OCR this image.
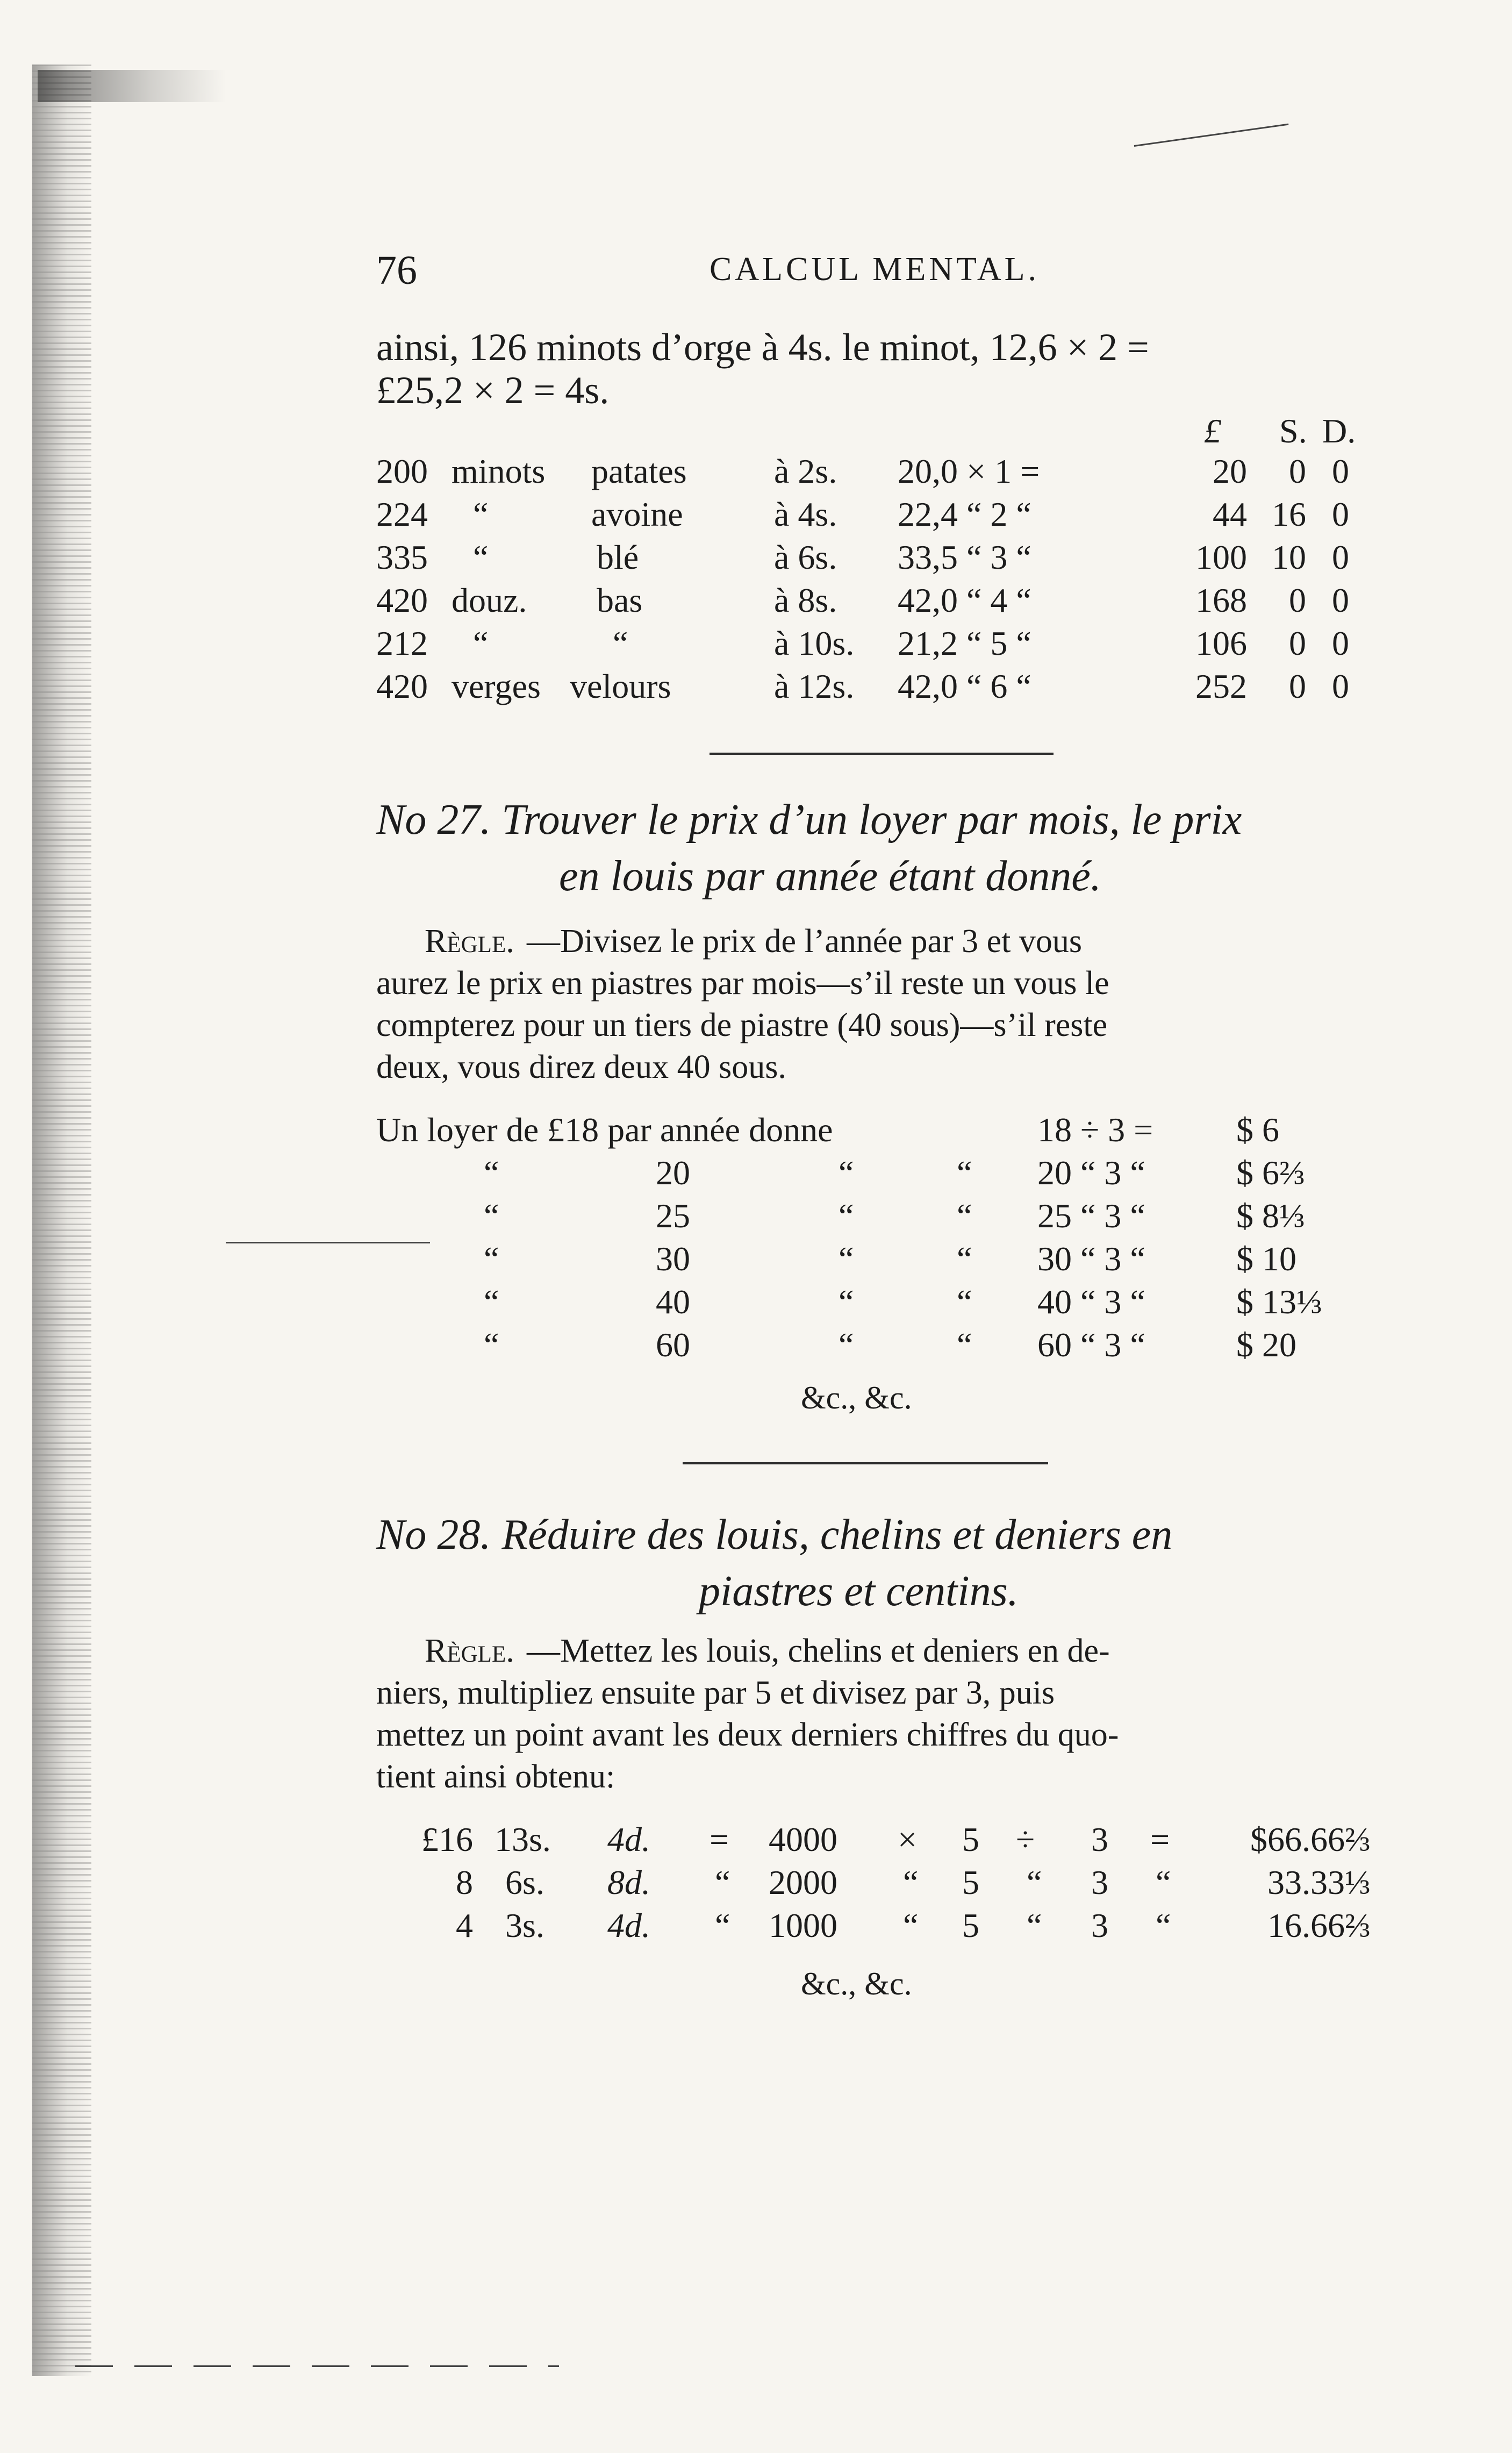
76	CALCUL MENTAL.
ainsi, 126 minots d’orge à 4s. le minot, 12,6 × 2 =
£25,2 × 2 = 4s.
£ S. D.
200 minots patates	à 2s. 20,0 × 1 =	20	0 0
224 “	avoine	à 4s. 22,4 “ 2 “	44 16 0
335 “	blé	à 6s. 33,5 “ 3 “	100 10 0
420 douz. bas	à 8s. 42,0 “ 4 “	168	0 0
212 “	“	à 10s. 21,2 “ 5 “	106	0 0
420 verges velours	à 12s. 42,0 “ 6 “	252	0 0
No 27. Trouver le prix d’un loyer par mois, le prix
en louis par année étant donné.
Règle. —Divisez le prix de l’année par 3 et vous
aurez le prix en piastres par mois—s’il reste un vous le
compterez pour un tiers de piastre (40 sous)—s’il reste
deux, vous direz deux 40 sous.
Un loyer de £18 par année donne	18 ÷ 3 = $ 6
“	20	“	“ 20 “ 3 “	$ 6⅔
“	25	“	“ 25 “ 3 “	$ 8⅓
“	30	“	“ 30 “ 3 “	$ 10
“	40	“	“ 40 “ 3 “	$ 13⅓
“	60	“	“ 60 “ 3 “	$ 20
&c., &c.
No 28. Réduire des louis, chelins et deniers en
piastres et centins.
Règle. —Mettez les louis, chelins et deniers en de-
niers, multipliez ensuite par 5 et divisez par 3, puis
mettez un point avant les deux derniers chiffres du quo-
tient ainsi obtenu:
£16 13s. 4d. = 4000 × 5 ÷ 3 =	$66.66⅔
8 6s. 8d. “ 2000 “ 5 “ 3 “	33.33⅓
4 3s. 4d. “ 1000 “ 5 “ 3 “	16.66⅔
&c., &c.
